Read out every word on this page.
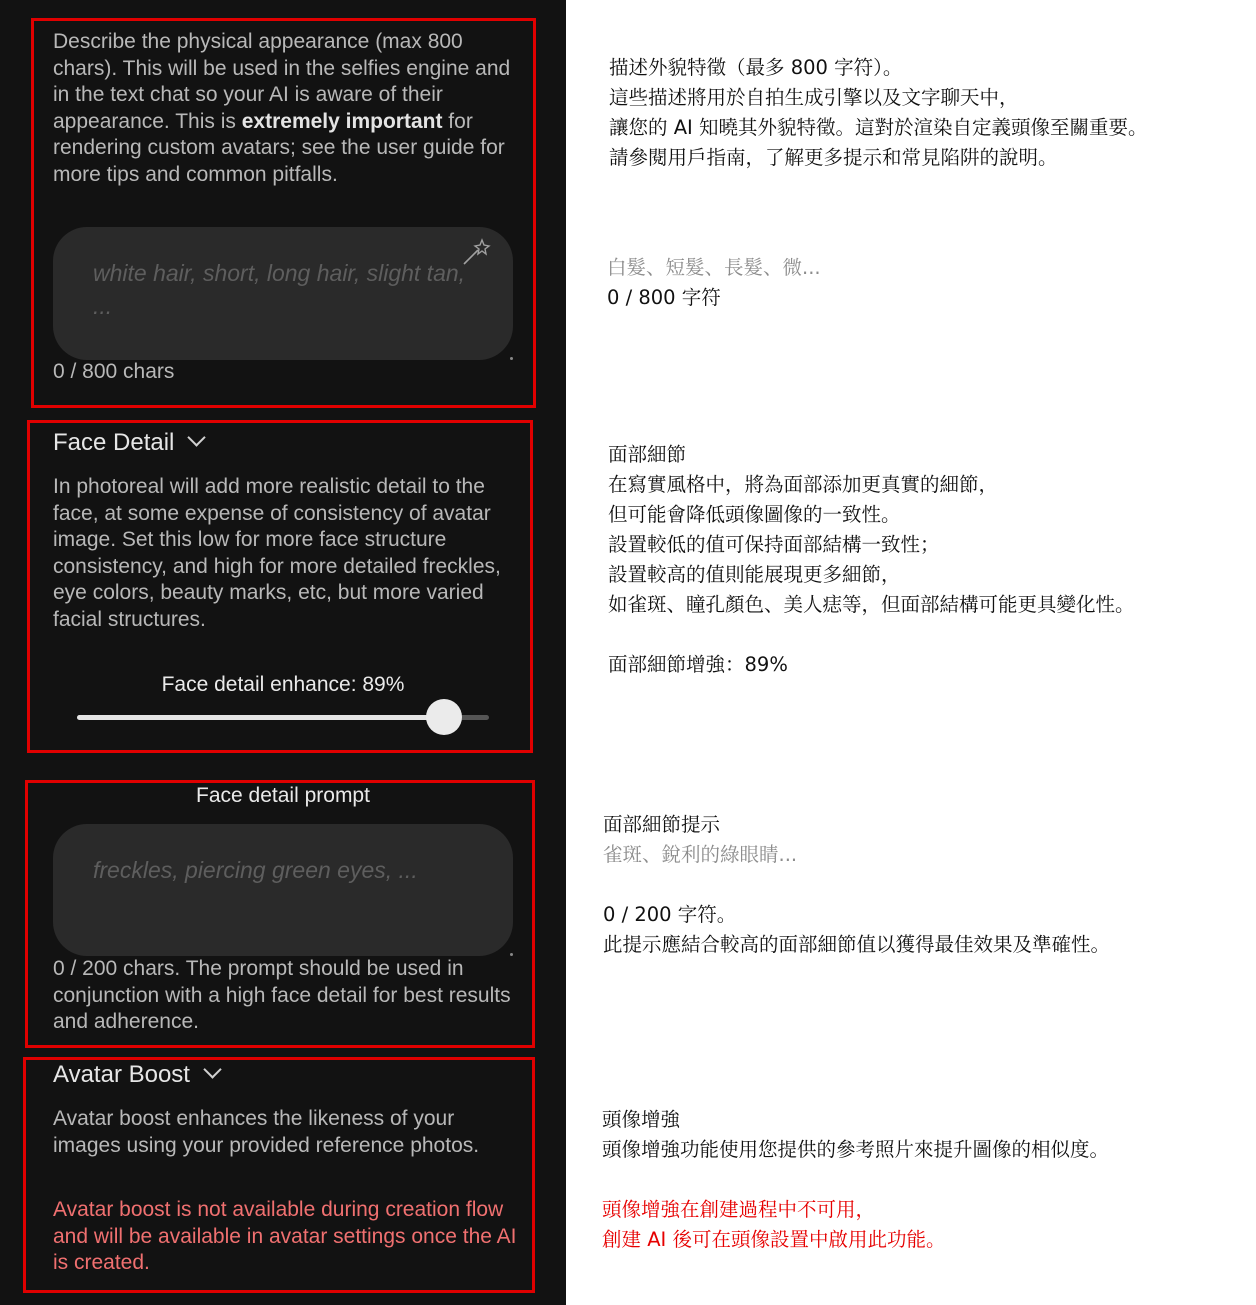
Describe the physical appearance (max 800 chars). This will be used in the selfies engine and in the text chat so your AI is aware of their appearance. This is extremely important for rendering custom avatars; see the user guide for more tips and common pitfalls.
white hair, short, long hair, slight tan, ...
0 / 800 chars
Face Detail
In photoreal will add more realistic detail to the face, at some expense of consistency of avatar image. Set this low for more face structure consistency, and high for more detailed freckles, eye colors, beauty marks, etc, but more varied facial structures.
Face detail enhance: 89%
Face detail prompt
freckles, piercing green eyes, ...
0 / 200 chars. The prompt should be used in conjunction with a high face detail for best results and adherence.
Avatar Boost
Avatar boost enhances the likeness of your images using your provided reference photos.
Avatar boost is not available during creation flow and will be available in avatar settings once the AI is created.
描述外貌特徵（最多 800 字符）。
這些描述將用於自拍生成引擎以及文字聊天中，
讓您的 AI 知曉其外貌特徵。這對於渲染自定義頭像至關重要。
請參閱用戶指南，了解更多提示和常見陷阱的說明。
白髮、短髮、長髮、微...
0 / 800 字符
面部細節
在寫實風格中，將為面部添加更真實的細節，
但可能會降低頭像圖像的一致性。
設置較低的值可保持面部結構一致性；
設置較高的值則能展現更多細節，
如雀斑、瞳孔顏色、美人痣等，但面部結構可能更具變化性。
面部細節增強：89%
面部細節提示
雀斑、銳利的綠眼睛...
0 / 200 字符。
此提示應結合較高的面部細節值以獲得最佳效果及準確性。
頭像增強
頭像增強功能使用您提供的參考照片來提升圖像的相似度。
頭像增強在創建過程中不可用，
創建 AI 後可在頭像設置中啟用此功能。
